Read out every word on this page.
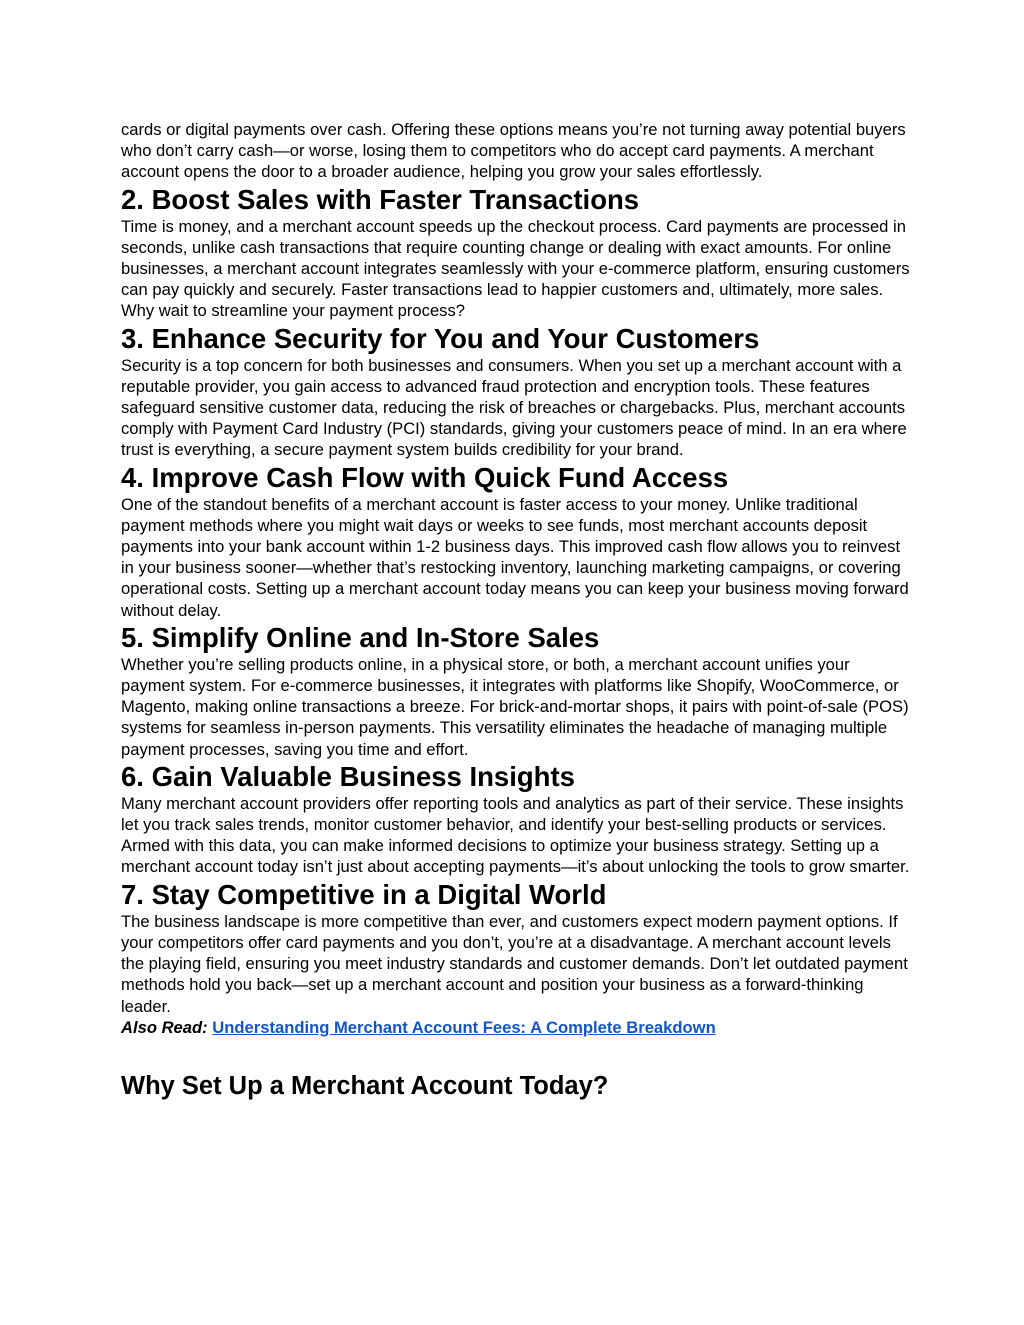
cards or digital payments over cash. Offering these options means you’re not turning away potential buyers who don’t carry cash—or worse, losing them to competitors who do accept card payments. A merchant account opens the door to a broader audience, helping you grow your sales effortlessly.

2. Boost Sales with Faster Transactions

Time is money, and a merchant account speeds up the checkout process. Card payments are processed in seconds, unlike cash transactions that require counting change or dealing with exact amounts. For online businesses, a merchant account integrates seamlessly with your e-commerce platform, ensuring customers can pay quickly and securely. Faster transactions lead to happier customers and, ultimately, more sales. Why wait to streamline your payment process?

3. Enhance Security for You and Your Customers

Security is a top concern for both businesses and consumers. When you set up a merchant account with a reputable provider, you gain access to advanced fraud protection and encryption tools. These features safeguard sensitive customer data, reducing the risk of breaches or chargebacks. Plus, merchant accounts comply with Payment Card Industry (PCI) standards, giving your customers peace of mind. In an era where trust is everything, a secure payment system builds credibility for your brand.

4. Improve Cash Flow with Quick Fund Access

One of the standout benefits of a merchant account is faster access to your money. Unlike traditional payment methods where you might wait days or weeks to see funds, most merchant accounts deposit payments into your bank account within 1-2 business days. This improved cash flow allows you to reinvest in your business sooner—whether that’s restocking inventory, launching marketing campaigns, or covering operational costs. Setting up a merchant account today means you can keep your business moving forward without delay.

5. Simplify Online and In-Store Sales

Whether you’re selling products online, in a physical store, or both, a merchant account unifies your payment system. For e-commerce businesses, it integrates with platforms like Shopify, WooCommerce, or Magento, making online transactions a breeze. For brick-and-mortar shops, it pairs with point-of-sale (POS) systems for seamless in-person payments. This versatility eliminates the headache of managing multiple payment processes, saving you time and effort.

6. Gain Valuable Business Insights

Many merchant account providers offer reporting tools and analytics as part of their service. These insights let you track sales trends, monitor customer behavior, and identify your best-selling products or services. Armed with this data, you can make informed decisions to optimize your business strategy. Setting up a merchant account today isn’t just about accepting payments—it’s about unlocking the tools to grow smarter.

7. Stay Competitive in a Digital World

The business landscape is more competitive than ever, and customers expect modern payment options. If your competitors offer card payments and you don’t, you’re at a disadvantage. A merchant account levels the playing field, ensuring you meet industry standards and customer demands. Don’t let outdated payment methods hold you back—set up a merchant account and position your business as a forward-thinking leader.

Also Read: Understanding Merchant Account Fees: A Complete Breakdown

Why Set Up a Merchant Account Today?
